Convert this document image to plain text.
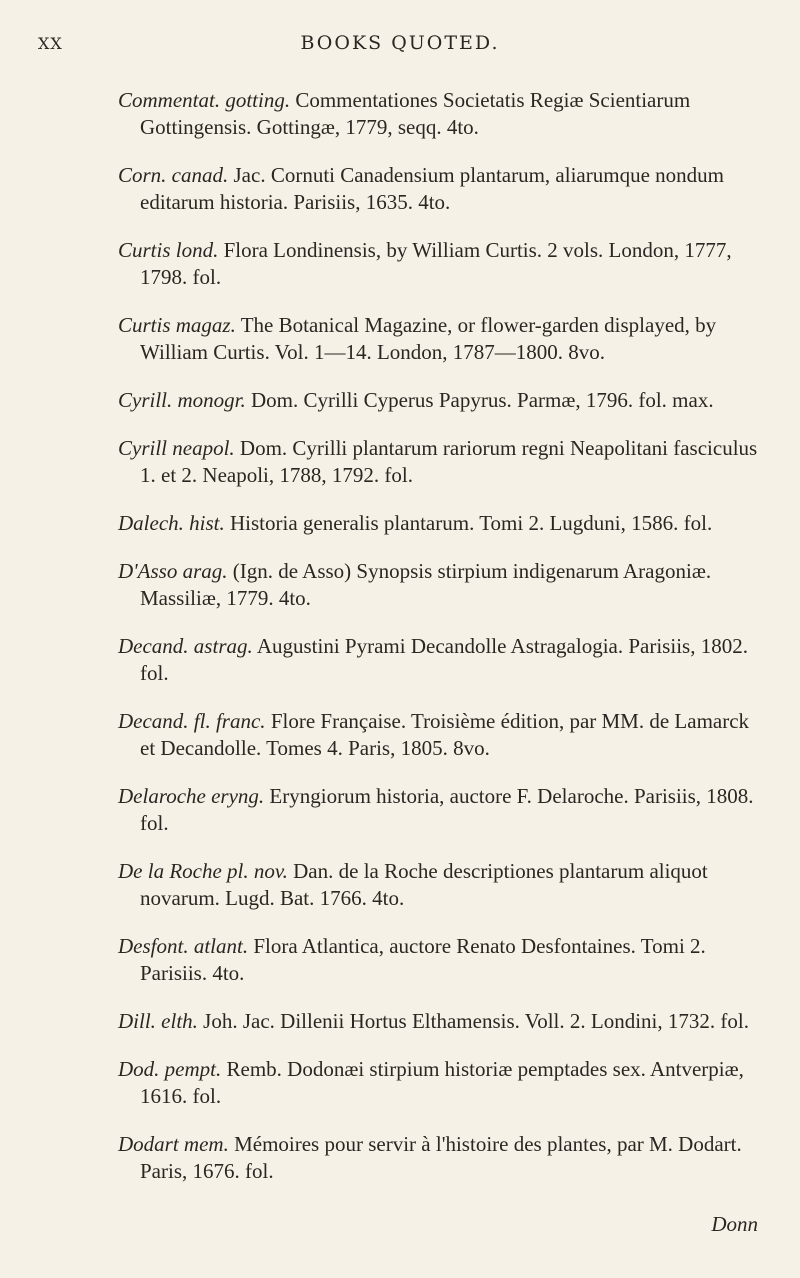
XX	BOOKS QUOTED.

Commentat. gotting. Commentationes Societatis Regiæ Scientiarum Gottingensis. Gottingæ, 1779, seqq. 4to.

Corn. canad. Jac. Cornuti Canadensium plantarum, aliarumque nondum editarum historia. Parisiis, 1635. 4to.

Curtis lond. Flora Londinensis, by William Curtis. 2 vols. London, 1777, 1798. fol.

Curtis magaz. The Botanical Magazine, or flower-garden displayed, by William Curtis. Vol. 1—14. London, 1787—1800. 8vo.

Cyrill. monogr. Dom. Cyrilli Cyperus Papyrus. Parmæ, 1796. fol. max.

Cyrill neapol. Dom. Cyrilli plantarum rariorum regni Neapolitani fasciculus 1. et 2. Neapoli, 1788, 1792. fol.

Dalech. hist. Historia generalis plantarum. Tomi 2. Lugduni, 1586. fol.

D'Asso arag. (Ign. de Asso) Synopsis stirpium indigenarum Aragoniæ. Massiliæ, 1779. 4to.

Decand. astrag. Augustini Pyrami Decandolle Astragalogia. Parisiis, 1802. fol.

Decand. fl. franc. Flore Française. Troisième édition, par MM. de Lamarck et Decandolle. Tomes 4. Paris, 1805. 8vo.

Delaroche eryng. Eryngiorum historia, auctore F. Delaroche. Parisiis, 1808. fol.

De la Roche pl. nov. Dan. de la Roche descriptiones plantarum aliquot novarum. Lugd. Bat. 1766. 4to.

Desfont. atlant. Flora Atlantica, auctore Renato Desfontaines. Tomi 2. Parisiis. 4to.

Dill. elth. Joh. Jac. Dillenii Hortus Elthamensis. Voll. 2. Londini, 1732. fol.

Dod. pempt. Remb. Dodonæi stirpium historiæ pemptades sex. Antverpiæ, 1616. fol.

Dodart mem. Mémoires pour servir à l'histoire des plantes, par M. Dodart. Paris, 1676. fol.

Donn
